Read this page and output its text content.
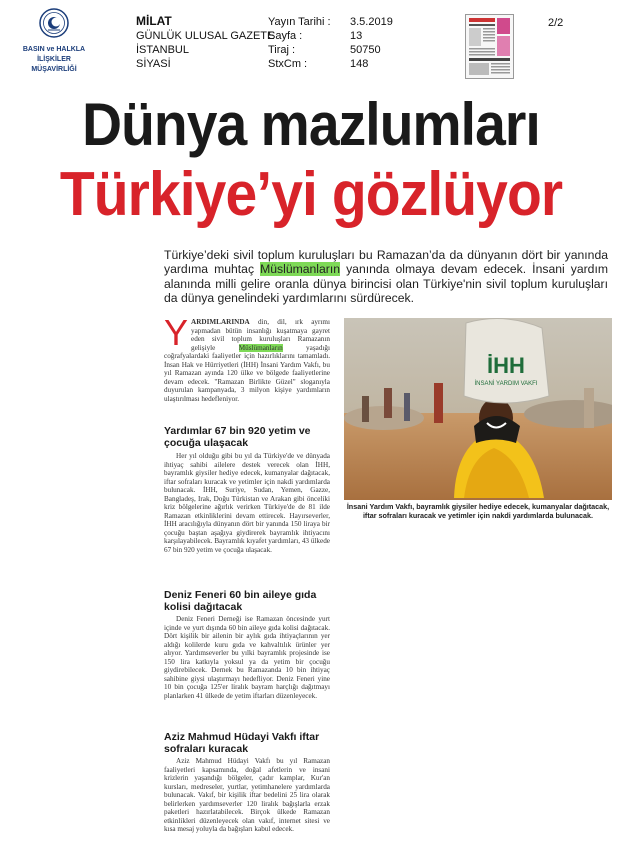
BASIN ve HALKLA İLİŞKİLER
MÜŞAVİRLİĞİ
MİLAT
GÜNLÜK ULUSAL GAZETE
İSTANBUL
SİYASİ
Yayın Tarihi :
Sayfa :
Tiraj :
StxCm :
3.5.2019
13
50750
148
2/2
Dünya mazlumları
Türkiye’yi gözlüyor
Türkiye’deki sivil toplum kuruluşları bu Ramazan’da da dünyanın dört bir yanında yardıma muhtaç Müslümanların yanında olmaya devam edecek. İnsani yardım alanında milli gelire oranla dünya birincisi olan Türkiye'nin sivil toplum kuruluşları da dünya genelindeki yardımlarını sürdürecek.
YARDIMLARINDA din, dil, ırk ayrımı yapmadan bütün insanlığı kuşatmaya gayret eden sivil toplum kuruluşları Ramazanın gelişiyle Müslümanların yaşadığı coğrafyalardaki faaliyetler için hazırlıklarını tamamladı. İnsan Hak ve Hürriyetleri (İHH) İnsani Yardım Vakfı, bu yıl Ramazan ayında 120 ülke ve bölgede faaliyetlerine devam edecek. "Ramazan Birlikte Güzel" sloganıyla duyurulan kampanyada, 3 milyon kişiye yardımların ulaştırılması hedefleniyor.
Yardımlar 67 bin 920 yetim ve çocuğa ulaşacak
Her yıl olduğu gibi bu yıl da Türkiye'de ve dünyada ihtiyaç sahibi ailelere destek verecek olan İHH, bayramlık giysiler hediye edecek, kumanyalar dağıtacak, iftar sofraları kuracak ve yetimler için nakdi yardımlarda bulunacak. İHH, Suriye, Sudan, Yemen, Gazze, Bangladeş, Irak, Doğu Türkistan ve Arakan gibi önceliki kriz bölgelerine ağırlık verirken Türkiye'de de 81 ilde Ramazan etkinliklerini devam ettirecek. Hayırseverler, İHH aracılığıyla dünyanın dört bir yanında 150 liraya bir çocuğu baştan aşağıya giydirerek bayramlık ihtiyacını karşılayabilecek. Bayramlık kıyafet yardımları, 43 ülkede 67 bin 920 yetim ve çocuğa ulaşacak.
Deniz Feneri 60 bin aileye gıda kolisi dağıtacak
Deniz Feneri Derneği ise Ramazan öncesinde yurt içinde ve yurt dışında 60 bin aileye gıda kolisi dağıtacak. Dört kişilik bir ailenin bir aylık gıda ihtiyaçlarının yer aldığı kolilerde kuru gıda ve kahvaltılık ürünler yer alıyor. Yardımseverler bu yılki bayramlık projesinde ise 150 lira katkıyla yoksul ya da yetim bir çocuğu giydirebilecek. Dernek bu Ramazanda 10 bin ihtiyaç sahibine giysi ulaştırmayı hedefliyor. Deniz Feneri yine 10 bin çocuğa 125'er liralık bayram harçlığı dağıtmayı planlarken 41 ülkede de yetim iftarları düzenleyecek.
Aziz Mahmud Hüdayi Vakfı iftar sofraları kuracak
Aziz Mahmud Hüdayi Vakfı bu yıl Ramazan faaliyetleri kapsamında, doğal afetlerin ve insani krizlerin yaşandığı bölgeler, çadır kamplar, Kur'an kursları, medreseler, yurtlar, yetimhanelere yardımlarda bulunacak. Vakıf, bir kişilik iftar bedelini 25 lira olarak belirlerken yardımseverler 120 liralık bağışlarla erzak paketleri hazırlatabilecek. Birçok ülkede Ramazan etkinlikleri düzenleyecek olan vakıf, internet sitesi ve kısa mesaj yoluyla da bağışları kabul edecek.
İHH
İNSANİ YARDIM VAKFI
İnsani Yardım Vakfı, bayramlık giysiler hediye edecek, kumanyalar dağıtacak, iftar sofraları kuracak ve yetimler için nakdi yardımlarda bulunacak.
